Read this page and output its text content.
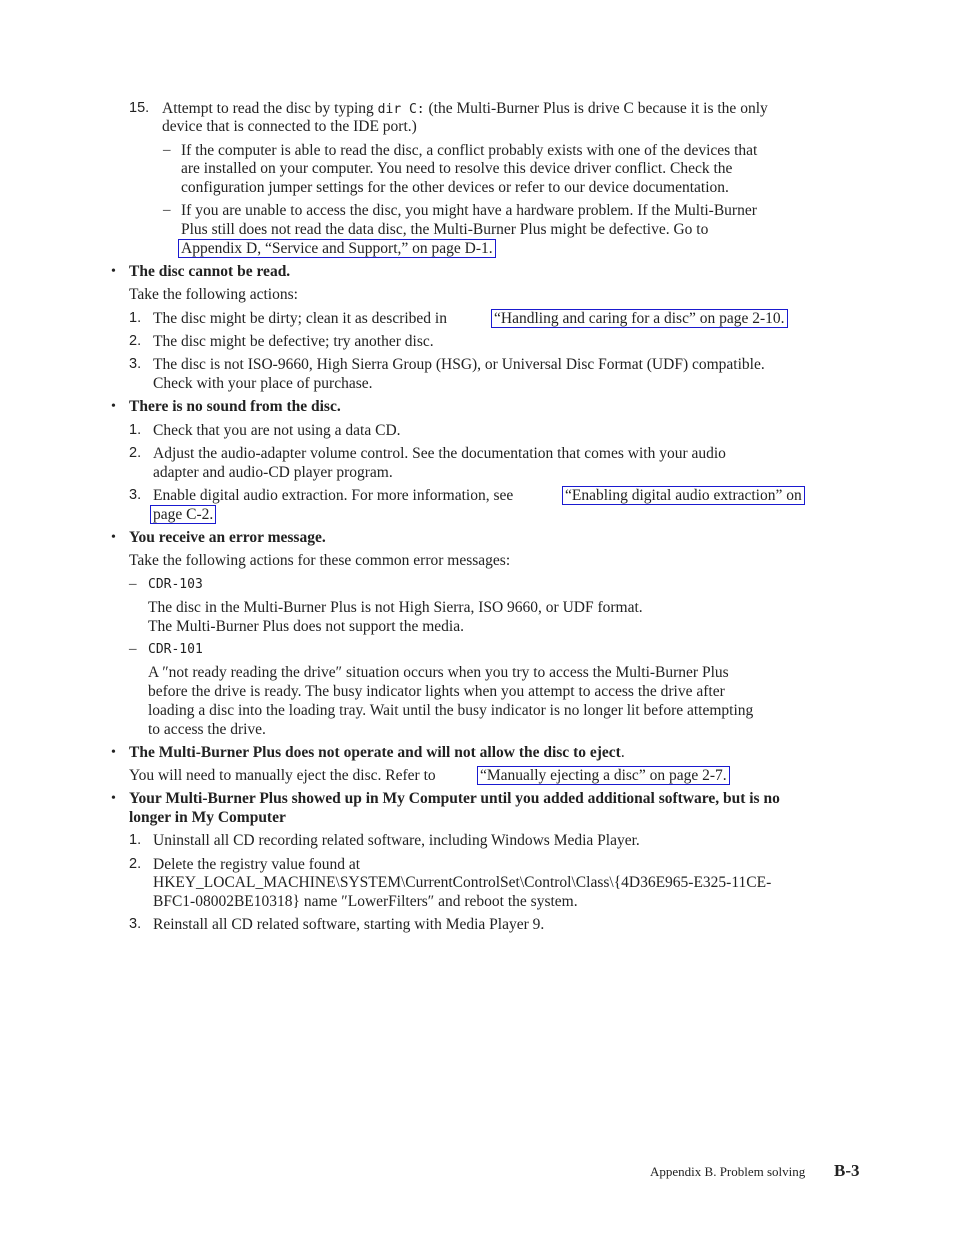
15. Attempt to read the disc by typing dir C: (the Multi-Burner Plus is drive C because it is the only
device that is connected to the IDE port.)
– If the computer is able to read the disc, a conflict probably exists with one of the devices that
are installed on your computer. You need to resolve this device driver conflict. Check the
configuration jumper settings for the other devices or refer to our device documentation.
– If you are unable to access the disc, you might have a hardware problem. If the Multi-Burner
Plus still does not read the data disc, the Multi-Burner Plus might be defective. Go to
Appendix D, “Service and Support,” on page D-1.
• The disc cannot be read.
Take the following actions:
1. The disc might be dirty; clean it as described in	“Handling and caring for a disc” on page 2-10.
2. The disc might be defective; try another disc.
3. The disc is not ISO-9660, High Sierra Group (HSG), or Universal Disc Format (UDF) compatible.
Check with your place of purchase.
• There is no sound from the disc.
1. Check that you are not using a data CD.
2. Adjust the audio-adapter volume control. See the documentation that comes with your audio
adapter and audio-CD player program.
3. Enable digital audio extraction. For more information, see	“Enabling digital audio extraction” on
page C-2.
• You receive an error message.
Take the following actions for these common error messages:
– CDR-103
The disc in the Multi-Burner Plus is not High Sierra, ISO 9660, or UDF format.
The Multi-Burner Plus does not support the media.
– CDR-101
A ″not ready reading the drive″ situation occurs when you try to access the Multi-Burner Plus
before the drive is ready. The busy indicator lights when you attempt to access the drive after
loading a disc into the loading tray. Wait until the busy indicator is no longer lit before attempting
to access the drive.
• The Multi-Burner Plus does not operate and will not allow the disc to eject.
You will need to manually eject the disc. Refer to	“Manually ejecting a disc” on page 2-7.
• Your Multi-Burner Plus showed up in My Computer until you added additional software, but is no
longer in My Computer
1. Uninstall all CD recording related software, including Windows Media Player.
2. Delete the registry value found at
HKEY_LOCAL_MACHINE\SYSTEM\CurrentControlSet\Control\Class\{4D36E965-E325-11CE-
BFC1-08002BE10318} name ″LowerFilters″ and reboot the system.
3. Reinstall all CD related software, starting with Media Player 9.
Appendix B. Problem solving B-3
